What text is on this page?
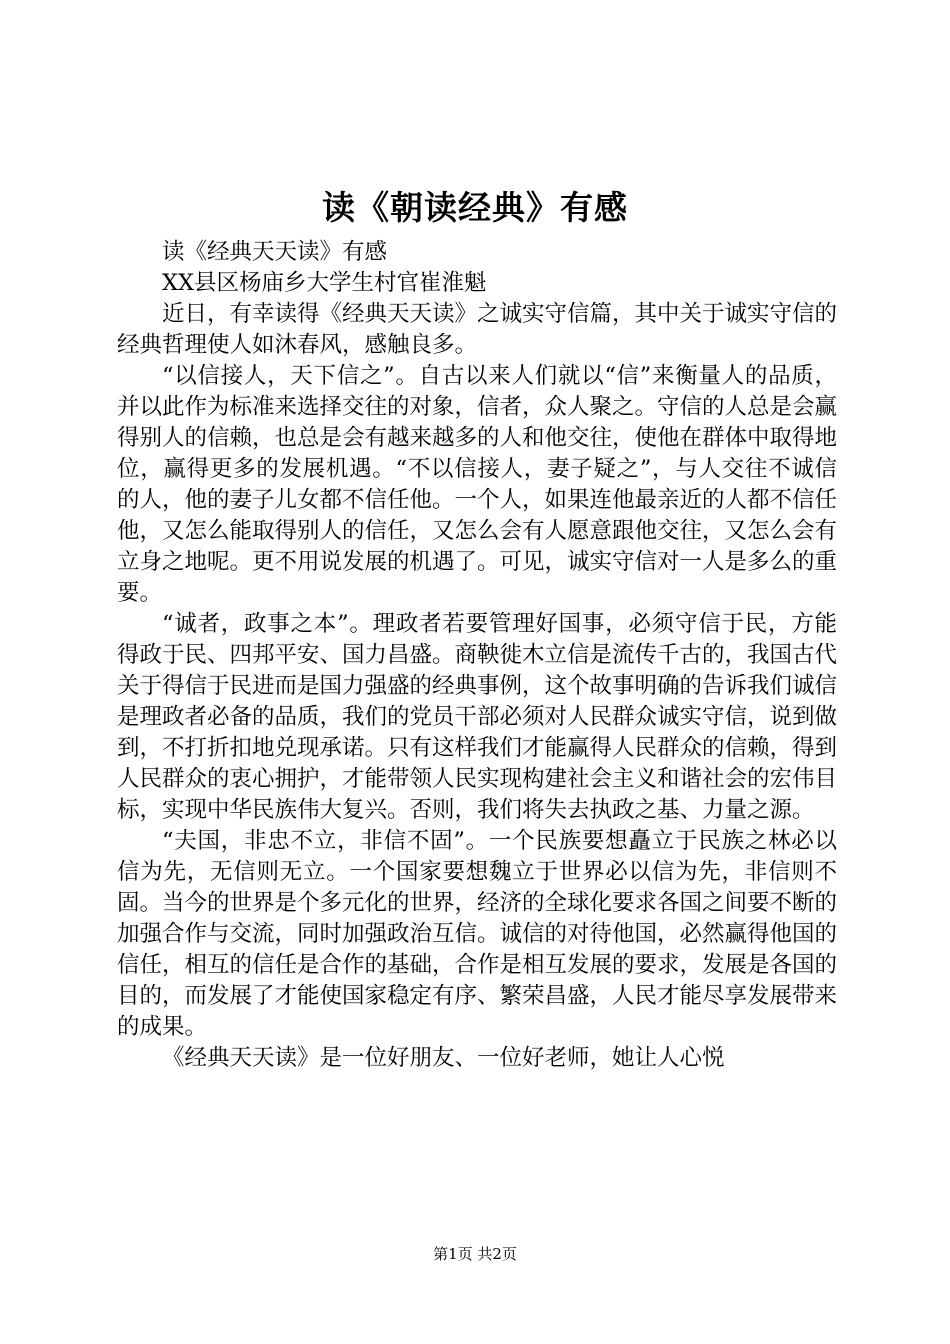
读《朝读经典》有感

读《经典天天读》有感

XX县区杨庙乡大学生村官崔淮魁

近日，有幸读得《经典天天读》之诚实守信篇，其中关于诚实守信的经典哲理使人如沐春风，感触良多。

“以信接人，天下信之”。自古以来人们就以“信”来衡量人的品质，并以此作为标准来选择交往的对象，信者，众人聚之。守信的人总是会赢得别人的信赖，也总是会有越来越多的人和他交往，使他在群体中取得地位，赢得更多的发展机遇。“不以信接人，妻子疑之”，与人交往不诚信的人，他的妻子儿女都不信任他。一个人，如果连他最亲近的人都不信任他，又怎么能取得别人的信任，又怎么会有人愿意跟他交往，又怎么会有立身之地呢。更不用说发展的机遇了。可见，诚实守信对一人是多么的重要。

“诚者，政事之本”。理政者若要管理好国事，必须守信于民，方能得政于民、四邦平安、国力昌盛。商鞅徙木立信是流传千古的，我国古代关于得信于民进而是国力强盛的经典事例，这个故事明确的告诉我们诚信是理政者必备的品质，我们的党员干部必须对人民群众诚实守信，说到做到，不打折扣地兑现承诺。只有这样我们才能赢得人民群众的信赖，得到人民群众的衷心拥护，才能带领人民实现构建社会主义和谐社会的宏伟目标，实现中华民族伟大复兴。否则，我们将失去执政之基、力量之源。

“夫国，非忠不立，非信不固”。一个民族要想矗立于民族之林必以信为先，无信则无立。一个国家要想魏立于世界必以信为先，非信则不固。当今的世界是个多元化的世界，经济的全球化要求各国之间要不断的加强合作与交流，同时加强政治互信。诚信的对待他国，必然赢得他国的信任，相互的信任是合作的基础，合作是相互发展的要求，发展是各国的目的，而发展了才能使国家稳定有序、繁荣昌盛，人民才能尽享发展带来的成果。

《经典天天读》是一位好朋友、一位好老师，她让人心悦

第1页 共2页
